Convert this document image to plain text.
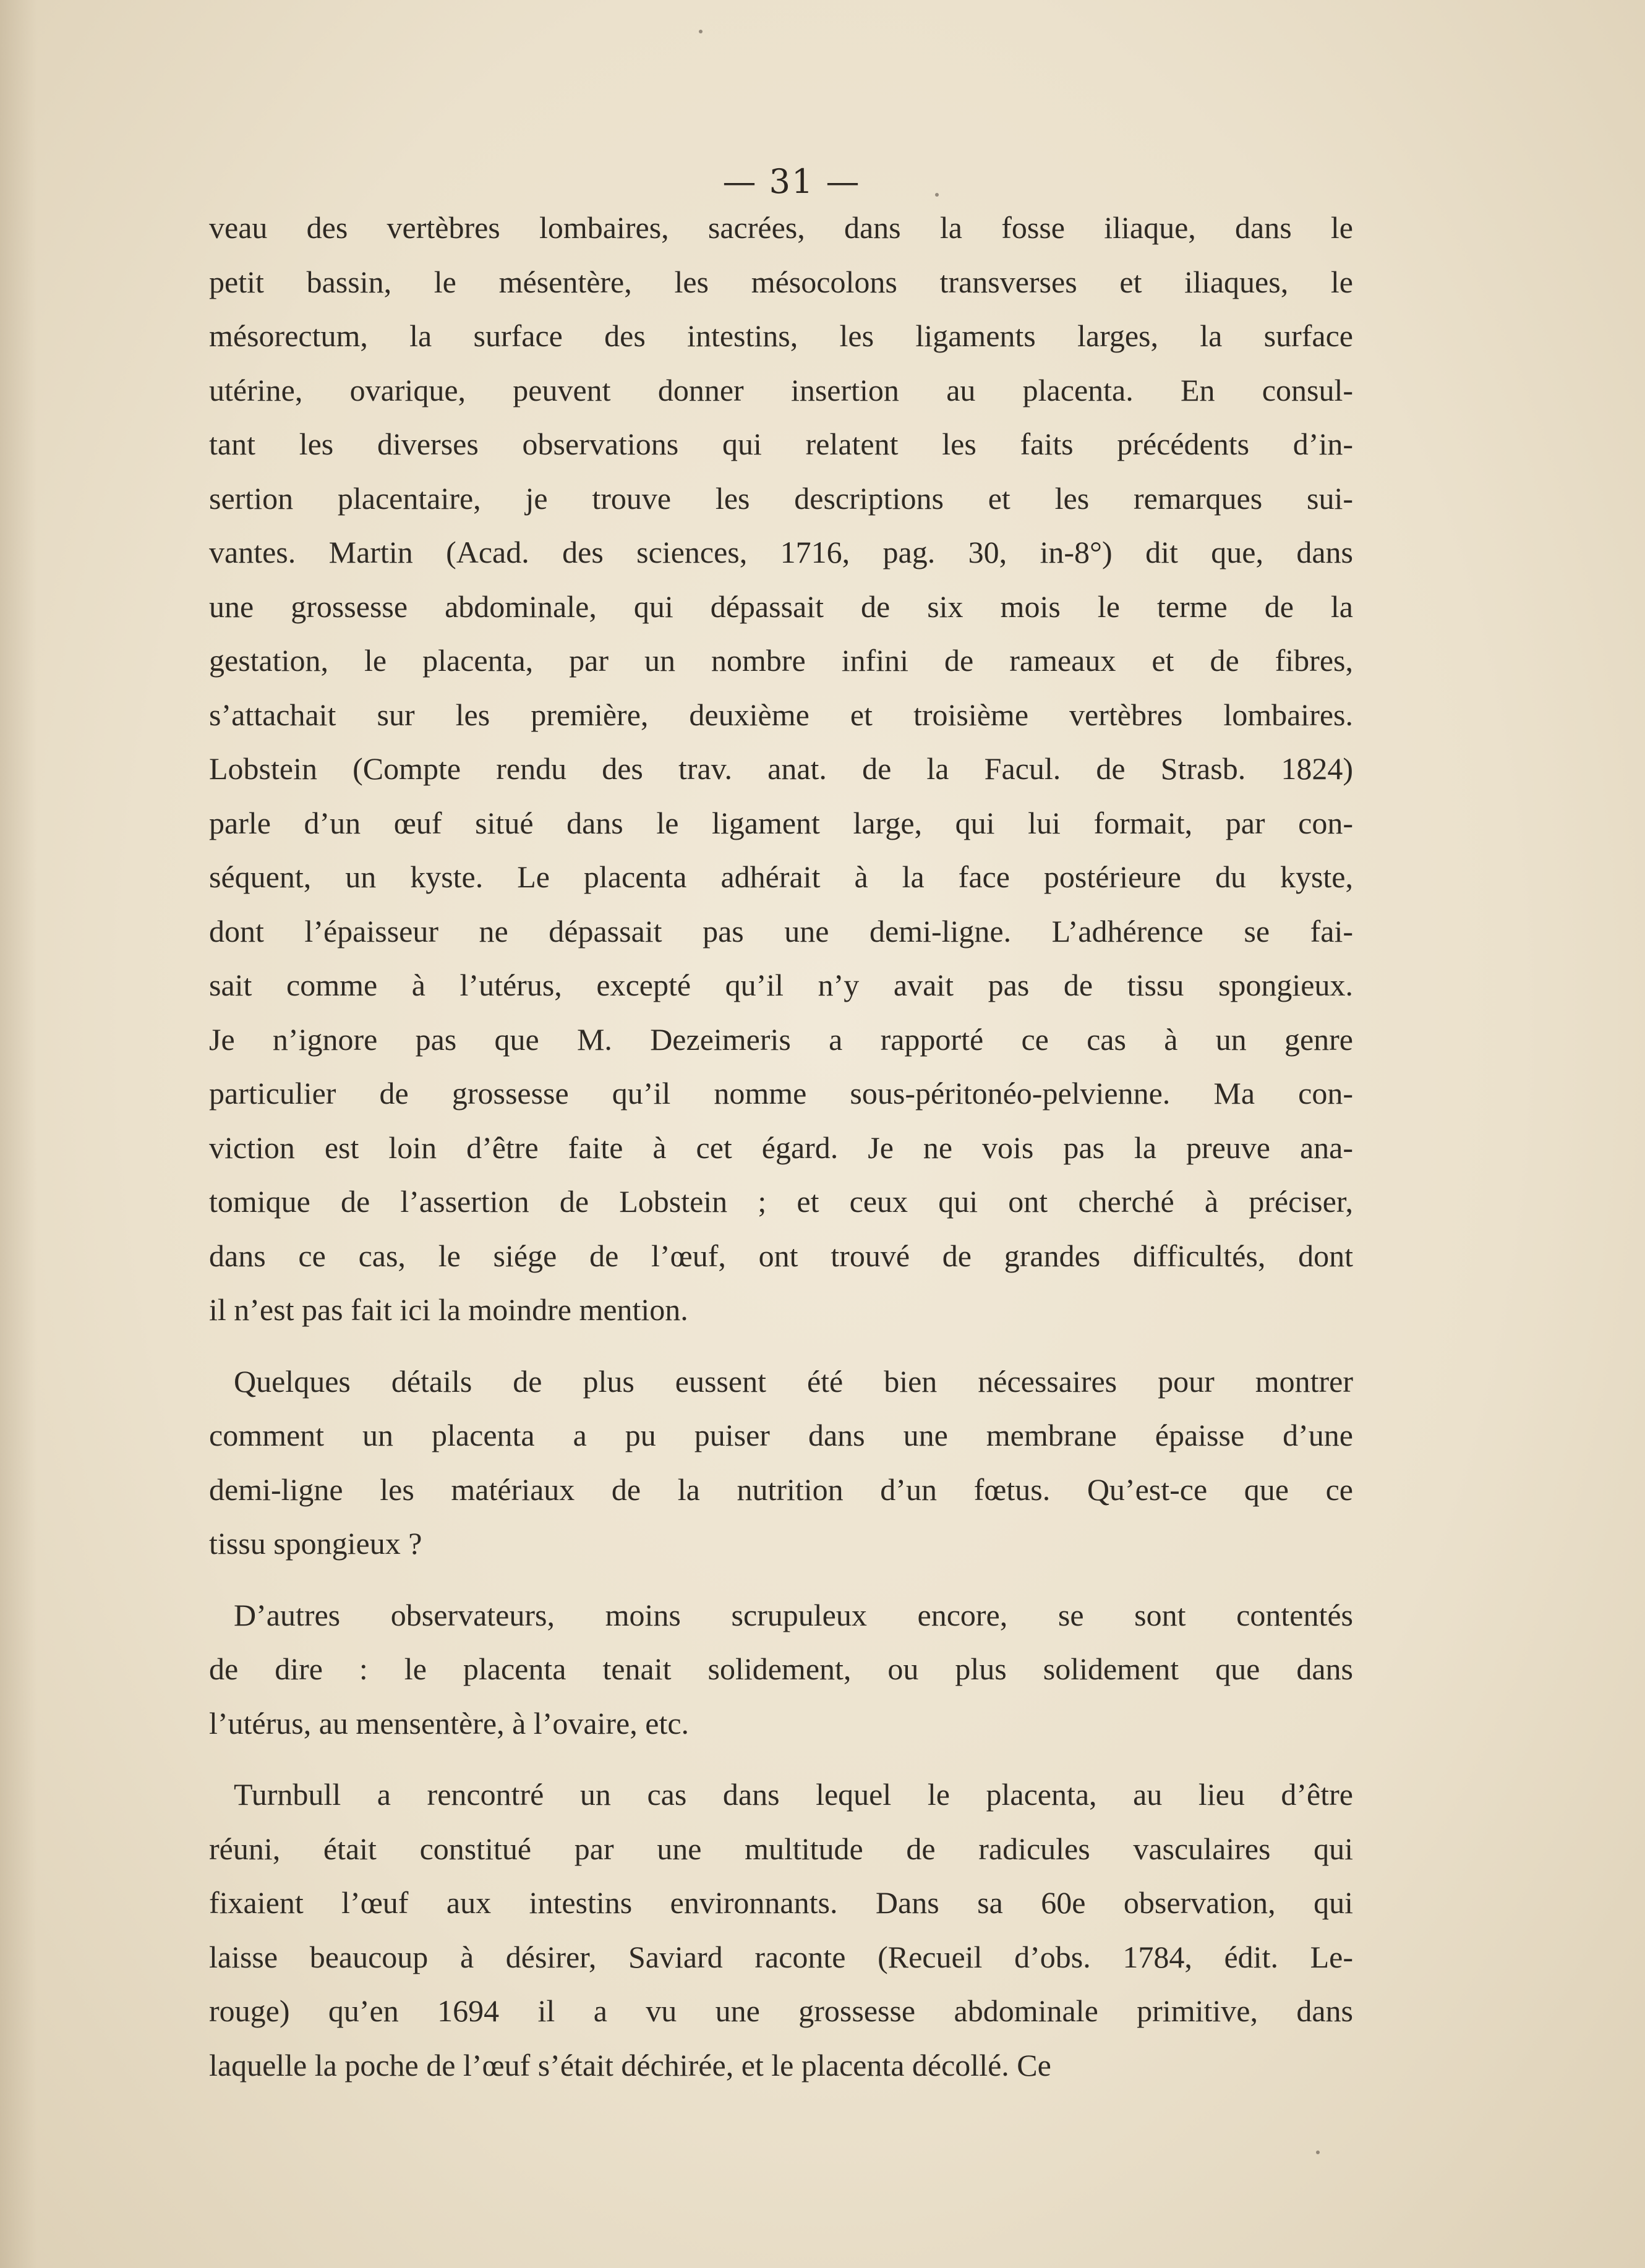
— 31 —
veau des vertèbres lombaires, sacrées, dans la fosse iliaque, dans le
petit bassin, le mésentère, les mésocolons transverses et iliaques, le
mésorectum, la surface des intestins, les ligaments larges, la surface
utérine, ovarique, peuvent donner insertion au placenta. En consul-
tant les diverses observations qui relatent les faits précédents d’in-
sertion placentaire, je trouve les descriptions et les remarques sui-
vantes. Martin (Acad. des sciences, 1716, pag. 30, in-8°) dit que, dans
une grossesse abdominale, qui dépassait de six mois le terme de la
gestation, le placenta, par un nombre infini de rameaux et de fibres,
s’attachait sur les première, deuxième et troisième vertèbres lombaires.
Lobstein (Compte rendu des trav. anat. de la Facul. de Strasb. 1824)
parle d’un œuf situé dans le ligament large, qui lui formait, par con-
séquent, un kyste. Le placenta adhérait à la face postérieure du kyste,
dont l’épaisseur ne dépassait pas une demi-ligne. L’adhérence se fai-
sait comme à l’utérus, excepté qu’il n’y avait pas de tissu spongieux.
Je n’ignore pas que M. Dezeimeris a rapporté ce cas à un genre
particulier de grossesse qu’il nomme sous-péritonéo-pelvienne. Ma con-
viction est loin d’être faite à cet égard. Je ne vois pas la preuve ana-
tomique de l’assertion de Lobstein ; et ceux qui ont cherché à préciser,
dans ce cas, le siége de l’œuf, ont trouvé de grandes difficultés, dont
il n’est pas fait ici la moindre mention.
Quelques détails de plus eussent été bien nécessaires pour montrer
comment un placenta a pu puiser dans une membrane épaisse d’une
demi-ligne les matériaux de la nutrition d’un fœtus. Qu’est-ce que ce
tissu spongieux ?
D’autres observateurs, moins scrupuleux encore, se sont contentés
de dire : le placenta tenait solidement, ou plus solidement que dans
l’utérus, au mensentère, à l’ovaire, etc.
Turnbull a rencontré un cas dans lequel le placenta, au lieu d’être
réuni, était constitué par une multitude de radicules vasculaires qui
fixaient l’œuf aux intestins environnants. Dans sa 60e observation, qui
laisse beaucoup à désirer, Saviard raconte (Recueil d’obs. 1784, édit. Le-
rouge) qu’en 1694 il a vu une grossesse abdominale primitive, dans
laquelle la poche de l’œuf s’était déchirée, et le placenta décollé. Ce
